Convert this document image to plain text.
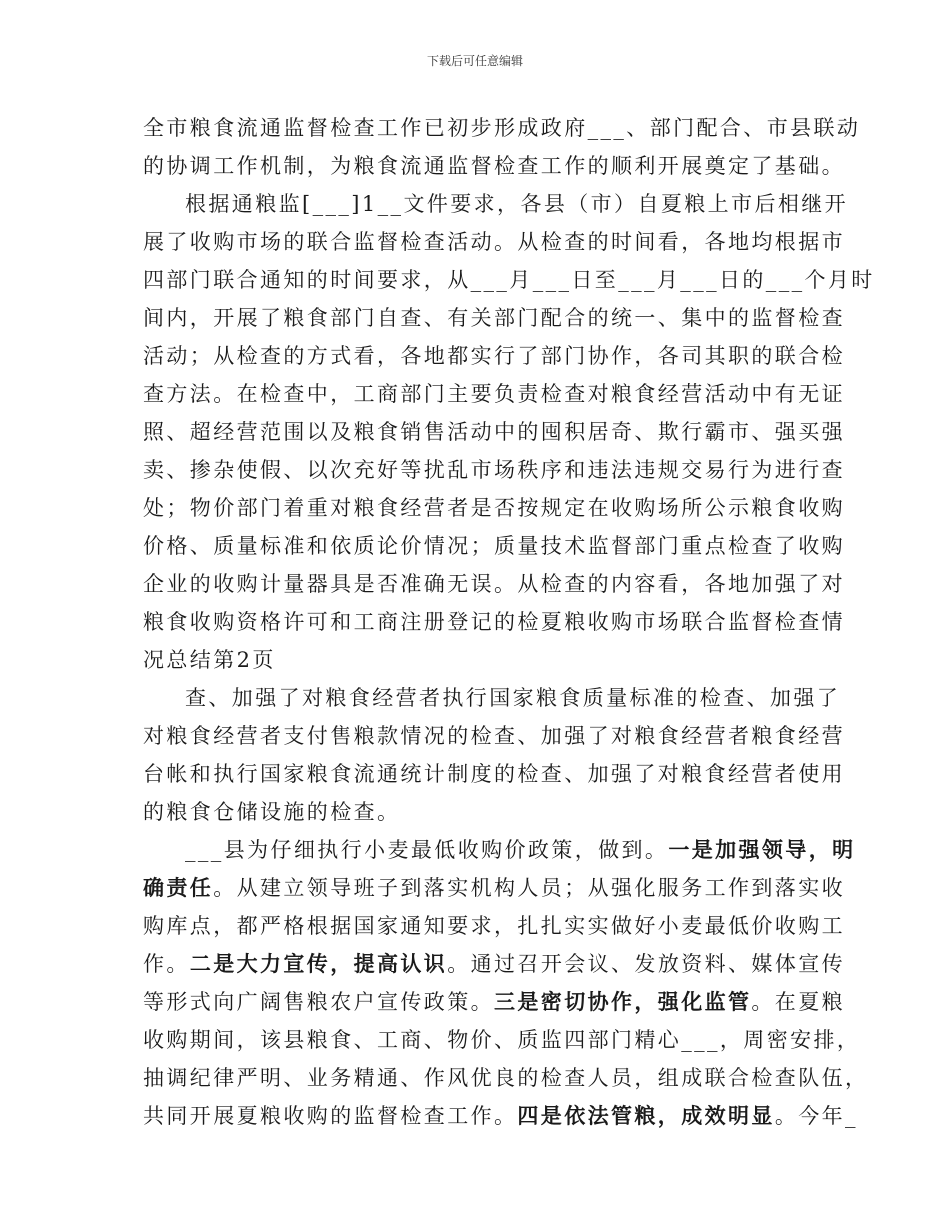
下载后可任意编辑
全市粮食流通监督检查工作已初步形成政府___、部门配合、市县联动
的协调工作机制，为粮食流通监督检查工作的顺利开展奠定了基础。
根据通粮监[___]1__文件要求，各县（市）自夏粮上市后相继开
展了收购市场的联合监督检查活动。从检查的时间看，各地均根据市
四部门联合通知的时间要求，从___月___日至___月___日的___个月时
间内，开展了粮食部门自查、有关部门配合的统一、集中的监督检查
活动；从检查的方式看，各地都实行了部门协作，各司其职的联合检
查方法。在检查中，工商部门主要负责检查对粮食经营活动中有无证
照、超经营范围以及粮食销售活动中的囤积居奇、欺行霸市、强买强
卖、掺杂使假、以次充好等扰乱市场秩序和违法违规交易行为进行查
处；物价部门着重对粮食经营者是否按规定在收购场所公示粮食收购
价格、质量标准和依质论价情况；质量技术监督部门重点检查了收购
企业的收购计量器具是否准确无误。从检查的内容看，各地加强了对
粮食收购资格许可和工商注册登记的检夏粮收购市场联合监督检查情
况总结第2页
查、加强了对粮食经营者执行国家粮食质量标准的检查、加强了
对粮食经营者支付售粮款情况的检查、加强了对粮食经营者粮食经营
台帐和执行国家粮食流通统计制度的检查、加强了对粮食经营者使用
的粮食仓储设施的检查。
___县为仔细执行小麦最低收购价政策，做到。一是加强领导，明
确责任。从建立领导班子到落实机构人员；从强化服务工作到落实收
购库点，都严格根据国家通知要求，扎扎实实做好小麦最低价收购工
作。二是大力宣传，提高认识。通过召开会议、发放资料、媒体宣传
等形式向广阔售粮农户宣传政策。三是密切协作，强化监管。在夏粮
收购期间，该县粮食、工商、物价、质监四部门精心___，周密安排，
抽调纪律严明、业务精通、作风优良的检查人员，组成联合检查队伍，
共同开展夏粮收购的监督检查工作。四是依法管粮，成效明显。今年_
